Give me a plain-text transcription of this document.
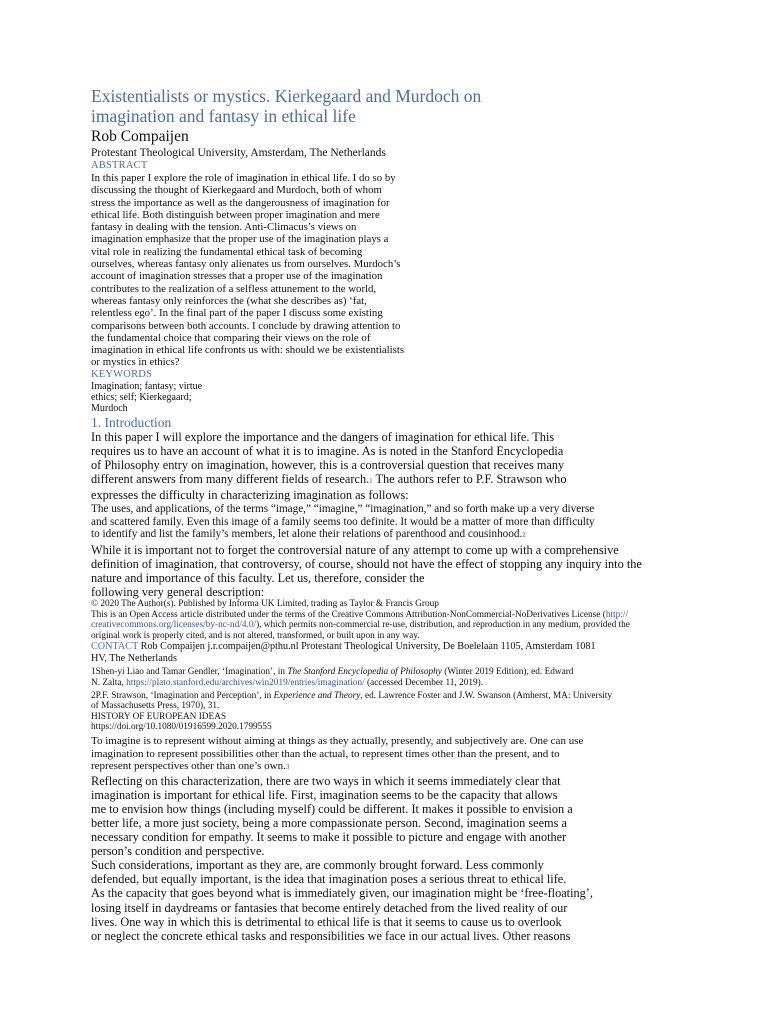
Existentialists or mystics. Kierkegaard and Murdoch on
imagination and fantasy in ethical life
Rob Compaijen
Protestant Theological University, Amsterdam, The Netherlands
ABSTRACT
In this paper I explore the role of imagination in ethical life. I do so by
discussing the thought of Kierkegaard and Murdoch, both of whom
stress the importance as well as the dangerousness of imagination for
ethical life. Both distinguish between proper imagination and mere
fantasy in dealing with the tension. Anti-Climacus’s views on
imagination emphasize that the proper use of the imagination plays a
vital role in realizing the fundamental ethical task of becoming
ourselves, whereas fantasy only alienates us from ourselves. Murdoch’s
account of imagination stresses that a proper use of the imagination
contributes to the realization of a selfless attunement to the world,
whereas fantasy only reinforces the (what she describes as) ‘fat,
relentless ego’. In the final part of the paper I discuss some existing
comparisons between both accounts. I conclude by drawing attention to
the fundamental choice that comparing their views on the role of
imagination in ethical life confronts us with: should we be existentialists
or mystics in ethics?
KEYWORDS
Imagination; fantasy; virtue
ethics; self; Kierkegaard;
Murdoch
1. Introduction
In this paper I will explore the importance and the dangers of imagination for ethical life. This
requires us to have an account of what it is to imagine. As is noted in the Stanford Encyclopedia
of Philosophy entry on imagination, however, this is a controversial question that receives many
different answers from many different fields of research.1 The authors refer to P.F. Strawson who
expresses the difficulty in characterizing imagination as follows:
The uses, and applications, of the terms “image,” “imagine,” “imagination,” and so forth make up a very diverse
and scattered family. Even this image of a family seems too definite. It would be a matter of more than difficulty
to identify and list the family’s members, let alone their relations of parenthood and cousinhood.2
While it is important not to forget the controversial nature of any attempt to come up with a comprehensive
definition of imagination, that controversy, of course, should not have the effect of stopping any inquiry into the
nature and importance of this faculty. Let us, therefore, consider the
following very general description:
© 2020 The Author(s). Published by Informa UK Limited, trading as Taylor & Francis Group
This is an Open Access article distributed under the terms of the Creative Commons Attribution-NonCommercial-NoDerivatives License (http://
creativecommons.org/licenses/by-nc-nd/4.0/), which permits non-commercial re-use, distribution, and reproduction in any medium, provided the
original work is properly cited, and is not altered, transformed, or built upon in any way.
CONTACT Rob Compaijen j.r.compaijen@pthu.nl Protestant Theological University, De Boelelaan 1105, Amsterdam 1081
HV, The Netherlands
1Shen-yi Liao and Tamar Gendler, ‘Imagination’, in The Stanford Encyclopedia of Philosophy (Winter 2019 Edition), ed. Edward
N. Zalta, https://plato.stanford.edu/archives/win2019/entries/imagination/ (accessed December 11, 2019).
2P.F. Strawson, ‘Imagination and Perception’, in Experience and Theory, ed. Lawrence Foster and J.W. Swanson (Amherst, MA: University
of Massachusetts Press, 1970), 31.
HISTORY OF EUROPEAN IDEAS
https://doi.org/10.1080/01916599.2020.1799555
To imagine is to represent without aiming at things as they actually, presently, and subjectively are. One can use
imagination to represent possibilities other than the actual, to represent times other than the present, and to
represent perspectives other than one’s own.3
Reflecting on this characterization, there are two ways in which it seems immediately clear that
imagination is important for ethical life. First, imagination seems to be the capacity that allows
me to envision how things (including myself) could be different. It makes it possible to envision a
better life, a more just society, being a more compassionate person. Second, imagination seems a
necessary condition for empathy. It seems to make it possible to picture and engage with another
person’s condition and perspective.
Such considerations, important as they are, are commonly brought forward. Less commonly
defended, but equally important, is the idea that imagination poses a serious threat to ethical life.
As the capacity that goes beyond what is immediately given, our imagination might be ‘free-floating’,
losing itself in daydreams or fantasies that become entirely detached from the lived reality of our
lives. One way in which this is detrimental to ethical life is that it seems to cause us to overlook
or neglect the concrete ethical tasks and responsibilities we face in our actual lives. Other reasons
